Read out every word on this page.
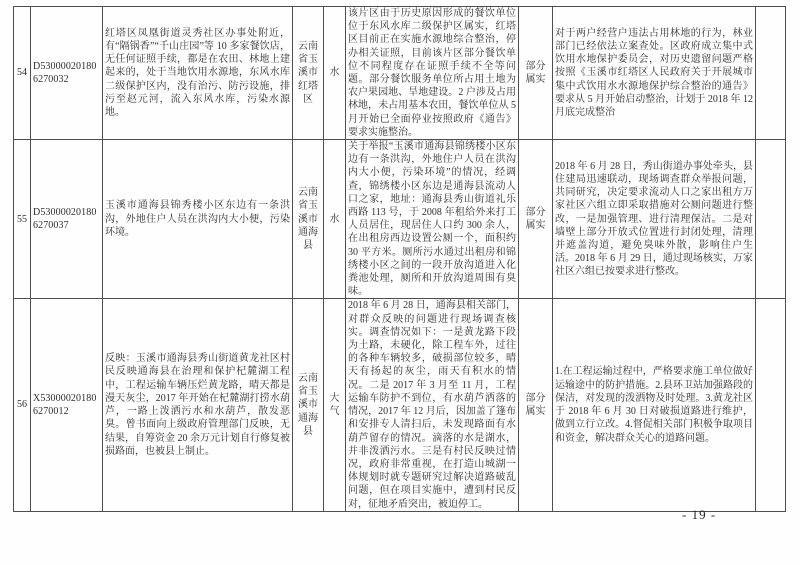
54	D530000201806270032	红塔区凤凰街道灵秀社区办事处附近，有“隔锅香”“千山庄园”等 10 多家餐饮店，无任何证照手续，都是在农田、林地上建起来的，处于当地饮用水源地，东风水库二级保护区内，没有治污、防污设施，排污至赵元河，流入东风水库，污染水源地。	云南省玉溪市红塔区	水	该片区由于历史原因形成的餐饮单位位于东风水库二级保护区属实，红塔区目前正在实施水源地综合整治，停办相关证照，目前该片区部分餐饮单位不同程度存在证照手续不全等问题。部分餐饮服务单位所占用土地为农户果园地、旱地建设。2 户涉及占用林地，未占用基本农田，餐饮单位从 5 月开始已全面停业按照政府《通告》要求实施整治。	部分属实	对于两户经营户违法占用林地的行为，林业部门已经依法立案查处。区政府成立集中式饮用水地保护委员会，对历史遗留问题严格按照《玉溪市红塔区人民政府关于开展城市集中式饮用水水源地保护综合整治的通告》要求从 5 月开始启动整治，计划于 2018 年 12 月底完成整治	
55	D530000201806270037	玉溪市通海县锦秀楼小区东边有一条洪沟，外地住户人员在洪沟内大小便，污染环境。	云南省玉溪市通海县	水	关于举报“玉溪市通海县锦绣楼小区东边有一条洪沟，外地住户人员在洪沟内大小便，污染环境”的情况，经调查，锦绣楼小区东边是通海县流动人口之家，地址：通海县秀山街道礼乐西路 113 号，于 2008 年租给外来打工人员居住，现居住人口约 300 余人，在出租房西边设置公厕一个，面积约 30 平方米。厕所污水通过出租房和锦绣楼小区之间的一段开放沟道进入化粪池处理，厕所和开放沟道周围有臭味。	部分属实	2018 年 6 月 28 日，秀山街道办事处牵头，县住建局迅速联动，现场调查群众举报问题，共同研究，决定要求流动人口之家出租方万家社区六组立即采取措施对公厕问题进行整改，一是加强管理、进行清理保洁。二是对墙壁上部分开放式位置进行封闭处理，清理并遮盖沟道，避免臭味外散，影响住户生活。2018 年 6 月 29 日，通过现场核实，万家社区六组已按要求进行整改。	
56	X530000201806270012	反映：玉溪市通海县秀山街道黄龙社区村民反映通海县在治理和保护杞麓湖工程中，工程运输车辆压烂黄龙路，晴天都是漫天灰尘，2017 年开始在杞麓湖打捞水葫芦，一路上泼洒污水和水葫芦，散发恶臭。曾书面向上级政府管理部门反映，无结果，自筹资金 20 余万元计划自行修复被损路面，也被县上制止。	云南省玉溪市通海县	大气	2018 年 6 月 28 日，通海县相关部门，对群众反映的问题进行现场调查核实。调查情况如下：一是黄龙路下段为土路，未硬化，除工程车外，过往的各种车辆较多，破损部位较多，晴天有扬起的灰尘，雨天有积水的情况。二是 2017 年 3 月至 11 月，工程运输车防护不到位，有水葫芦洒落的情况，2017 年 12 月后，因加盖了篷布和安排专人清扫后，未发现路面有水葫芦留存的情况。滴落的水是湖水，并非泼洒污水。三是有村民反映过情况，政府非常重视，在打造山城湖一体规划时就专题研究过解决道路破乱问题，但在项目实施中，遭到村民反对，征地矛盾突出，被迫停工。	部分属实	1.在工程运输过程中，严格要求施工单位做好运输途中的防护措施。2.县环卫站加强路段的保洁，对发现的泼洒物及时处理。3.黄龙社区于 2018 年 6 月 30 日对破损道路进行维护，做到立行立改。4.督促相关部门积极争取项目和资金，解决群众关心的道路问题。	
- 19 -
